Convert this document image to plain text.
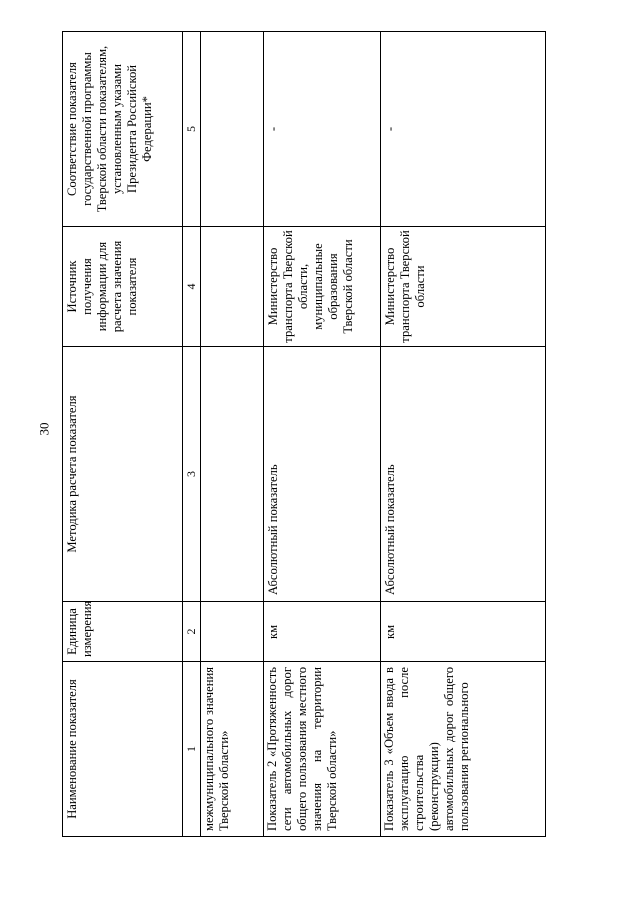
30
Наименование показателя	Единица измерения	Методика расчета показателя	Источник получения информации для расчета значения показателя	Соответствие показателя государственной программы Тверской области показателям, установленным указами Президента Российской Федерации*
1	2	3	4	5
межмуниципального значения Тверской области»				
Показатель 2 «Протяженность сети автомобильных дорог общего пользования местного значения на территории Тверской области»	км	Абсолютный показатель	Министерство транспорта Тверской области, муниципальные образования Тверской области	-
Показатель 3 «Объем ввода в эксплуатацию после строительства (реконструкции) автомобильных дорог общего пользования регионального	км	Абсолютный показатель	Министерство транспорта Тверской области	-
